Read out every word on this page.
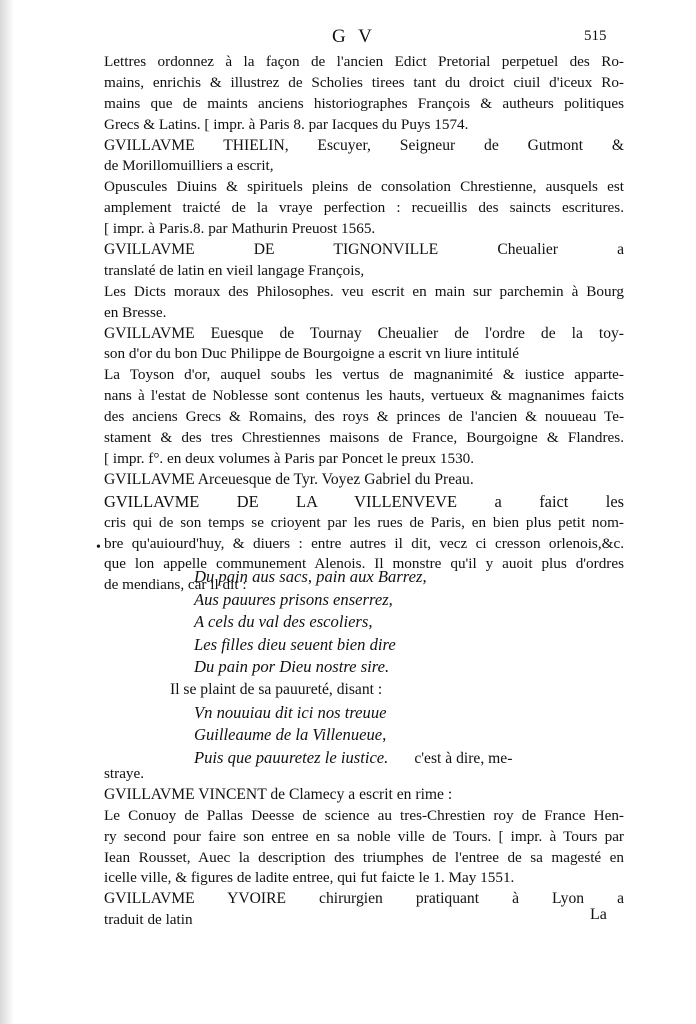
G V	515
Lettres ordonnez à la façon de l'ancien Edict Pretorial perpetuel des Ro-
mains, enrichis & illustrez de Scholies tirees tant du droict ciuil d'iceux Ro-
mains que de maints anciens historiographes François & autheurs politiques
Grecs & Latins. [ impr. à Paris 8. par Iacques du Puys 1574.
GVILLAVME THIELIN, Escuyer, Seigneur de Gutmont &
de Morillomuilliers a escrit,
Opuscules Diuins & spirituels pleins de consolation Chrestienne, ausquels est
amplement traicté de la vraye perfection : recueillis des saincts escritures.
[ impr. à Paris.8. par Mathurin Preuost 1565.
GVILLAVME DE TIGNONVILLE Cheualier a
translaté de latin en vieil langage François,
Les Dicts moraux des Philosophes. veu escrit en main sur parchemin à Bourg
en Bresse.
GVILLAVME Euesque de Tournay Cheualier de l'ordre de la toy-
son d'or du bon Duc Philippe de Bourgoigne a escrit vn liure intitulé
La Toyson d'or, auquel soubs les vertus de magnanimité & iustice apparte-
nans à l'estat de Noblesse sont contenus les hauts, vertueux & magnanimes faicts
des anciens Grecs & Romains, des roys & princes de l'ancien & nouueau Te-
stament & des tres Chrestiennes maisons de France, Bourgoigne & Flandres.
[ impr. f°. en deux volumes à Paris par Poncet le preux 1530.
GVILLAVME Arceuesque de Tyr. Voyez Gabriel du Preau.
GVILLAVME DE LA VILLENVEVE a faict les
cris qui de son temps se crioyent par les rues de Paris, en bien plus petit nom-
bre qu'auiourd'huy, & diuers : entre autres il dit, vecz ci cresson orlenois,&c.
que lon appelle communement Alenois. Il monstre qu'il y auoit plus d'ordres
de mendians, car il dit :
•
Du pain aus sacs, pain aux Barrez,
Aus pauures prisons enserrez,
A cels du val des escoliers,
Les filles dieu seuent bien dire
Du pain por Dieu nostre sire.
Il se plaint de sa pauureté, disant :
Vn nouuiau dit ici nos treuue
Guilleaume de la Villenueue,
Puis que pauuretez le iustice. c'est à dire, me-
straye.
GVILLAVME VINCENT de Clamecy a escrit en rime :
Le Conuoy de Pallas Deesse de science au tres-Chrestien roy de France Hen-
ry second pour faire son entree en sa noble ville de Tours. [ impr. à Tours par
Iean Rousset, Auec la description des triumphes de l'entree de sa magesté en
icelle ville, & figures de ladite entree, qui fut faicte le 1. May 1551.
GVILLAVME YVOIRE chirurgien pratiquant à Lyon a
traduit de latin	La
